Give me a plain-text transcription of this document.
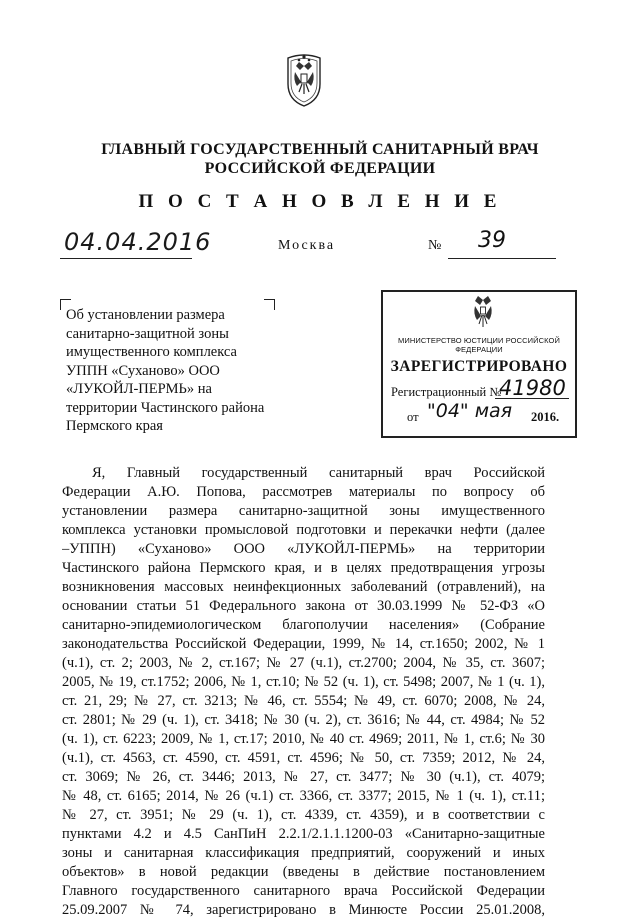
ГЛАВНЫЙ ГОСУДАРСТВЕННЫЙ САНИТАРНЫЙ ВРАЧ
РОССИЙСКОЙ ФЕДЕРАЦИИ
П О С Т А Н О В Л Е Н И Е
04.04.2016	Москва	№ 39
Об установлении размера
санитарно-защитной зоны
имущественного комплекса
УППН «Суханово» ООО
«ЛУКОЙЛ-ПЕРМЬ» на
территории Частинского района
Пермского края
МИНИСТЕРСТВО ЮСТИЦИИ РОССИЙСКОЙ ФЕДЕРАЦИИ
ЗАРЕГИСТРИРОВАНО
Регистрационный №
41980
от "04" мая 2016.
Я, Главный государственный санитарный врач Российской
Федерации А.Ю. Попова, рассмотрев материалы по вопросу об
установлении размера санитарно-защитной зоны имущественного
комплекса установки промысловой подготовки и перекачки нефти (далее
–УППН) «Суханово» ООО «ЛУКОЙЛ-ПЕРМЬ» на территории
Частинского района Пермского края, и в целях предотвращения угрозы
возникновения массовых неинфекционных заболеваний (отравлений), на
основании статьи 51 Федерального закона от 30.03.1999 № 52-ФЗ «О
санитарно-эпидемиологическом благополучии населения» (Собрание
законодательства Российской Федерации, 1999, № 14, ст.1650; 2002, № 1
(ч.1), ст. 2; 2003, № 2, ст.167; № 27 (ч.1), ст.2700; 2004, № 35, ст. 3607;
2005, № 19, ст.1752; 2006, № 1, ст.10; № 52 (ч. 1), ст. 5498; 2007, № 1 (ч. 1),
ст. 21, 29; № 27, ст. 3213; № 46, ст. 5554; № 49, ст. 6070; 2008, № 24,
ст. 2801; № 29 (ч. 1), ст. 3418; № 30 (ч. 2), ст. 3616; № 44, ст. 4984; № 52
(ч. 1), ст. 6223; 2009, № 1, ст.17; 2010, № 40 ст. 4969; 2011, № 1, ст.6; № 30
(ч.1), ст. 4563, ст. 4590, ст. 4591, ст. 4596; № 50, ст. 7359; 2012, № 24,
ст. 3069; № 26, ст. 3446; 2013, № 27, ст. 3477; № 30 (ч.1), ст. 4079;
№ 48, ст. 6165; 2014, № 26 (ч.1) ст. 3366, ст. 3377; 2015, № 1 (ч. 1), ст.11;
№ 27, ст. 3951; № 29 (ч. 1), ст. 4339, ст. 4359), и в соответствии с
пунктами 4.2 и 4.5 СанПиН 2.2.1/2.1.1.1200-03 «Санитарно-защитные
зоны и санитарная классификация предприятий, сооружений и иных
объектов» в новой редакции (введены в действие постановлением
Главного государственного санитарного врача Российской Федерации
25.09.2007 № 74, зарегистрировано в Минюсте России 25.01.2008,
